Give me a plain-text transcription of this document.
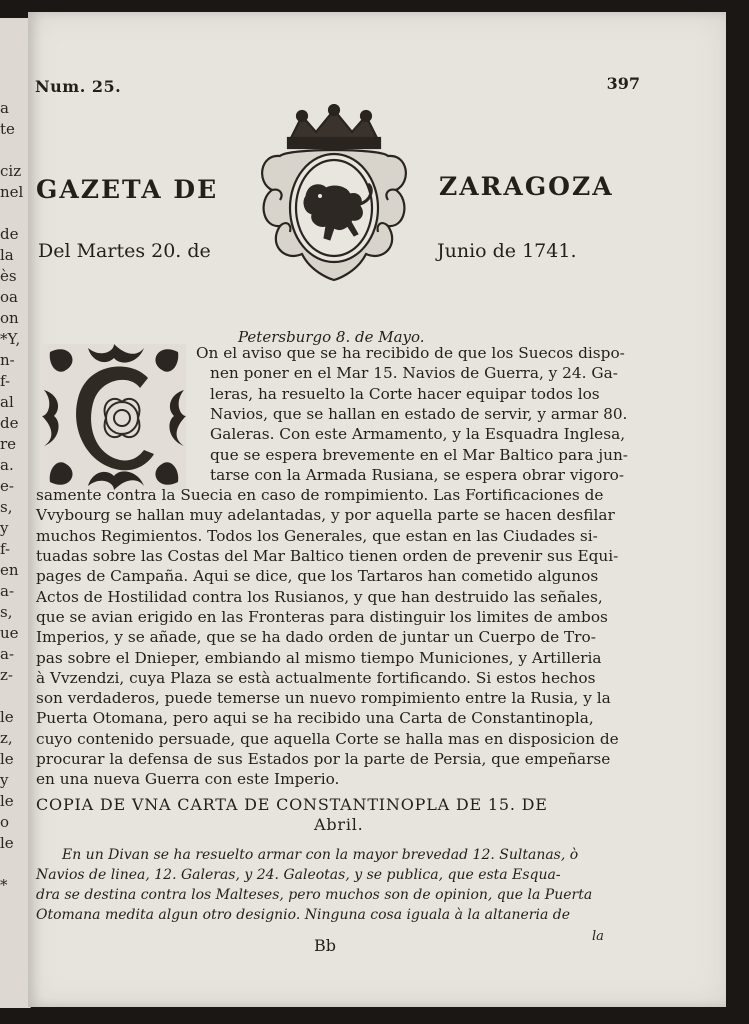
a
te
ciz
nel
de
la
ès
oa
on
*Y,
n-
f-
al
de
re
a.
e-
s,
y
f-
en
a-
s,
ue
a-
z-
le
z,
le
y
le
o
le
*
Num. 25.	397
GAZETA DE	ZARAGOZA
Del Martes 20. de	Junio de 1741.
Petersburgo 8. de Mayo.
On el aviso que se ha recibido de que los Suecos dispo-
nen poner en el Mar 15. Navios de Guerra, y 24. Ga-
leras, ha resuelto la Corte hacer equipar todos los
Navios, que se hallan en estado de servir, y armar 80.
Galeras. Con este Armamento, y la Esquadra Inglesa,
que se espera brevemente en el Mar Baltico para jun-
tarse con la Armada Rusiana, se espera obrar vigoro-
samente contra la Suecia en caso de rompimiento. Las Fortificaciones de
Vvybourg se hallan muy adelantadas, y por aquella parte se hacen desfilar
muchos Regimientos. Todos los Generales, que estan en las Ciudades si-
tuadas sobre las Costas del Mar Baltico tienen orden de prevenir sus Equi-
pages de Campaña. Aqui se dice, que los Tartaros han cometido algunos
Actos de Hostilidad contra los Rusianos, y que han destruido las señales,
que se avian erigido en las Fronteras para distinguir los limites de ambos
Imperios, y se añade, que se ha dado orden de juntar un Cuerpo de Tro-
pas sobre el Dnieper, embiando al mismo tiempo Municiones, y Artilleria
à Vvzendzi, cuya Plaza se està actualmente fortificando. Si estos hechos
son verdaderos, puede temerse un nuevo rompimiento entre la Rusia, y la
Puerta Otomana, pero aqui se ha recibido una Carta de Constantinopla,
cuyo contenido persuade, que aquella Corte se halla mas en disposicion de
procurar la defensa de sus Estados por la parte de Persia, que empeñarse
en una nueva Guerra con este Imperio.
COPIA DE VNA CARTA DE CONSTANTINOPLA DE 15. DE
Abril.
En un Divan se ha resuelto armar con la mayor brevedad 12. Sultanas, ò
Navios de linea, 12. Galeras, y 24. Galeotas, y se publica, que esta Esqua-
dra se destina contra los Malteses, pero muchos son de opinion, que la Puerta
Otomana medita algun otro designio. Ninguna cosa iguala à la altaneria de
Bb	la
